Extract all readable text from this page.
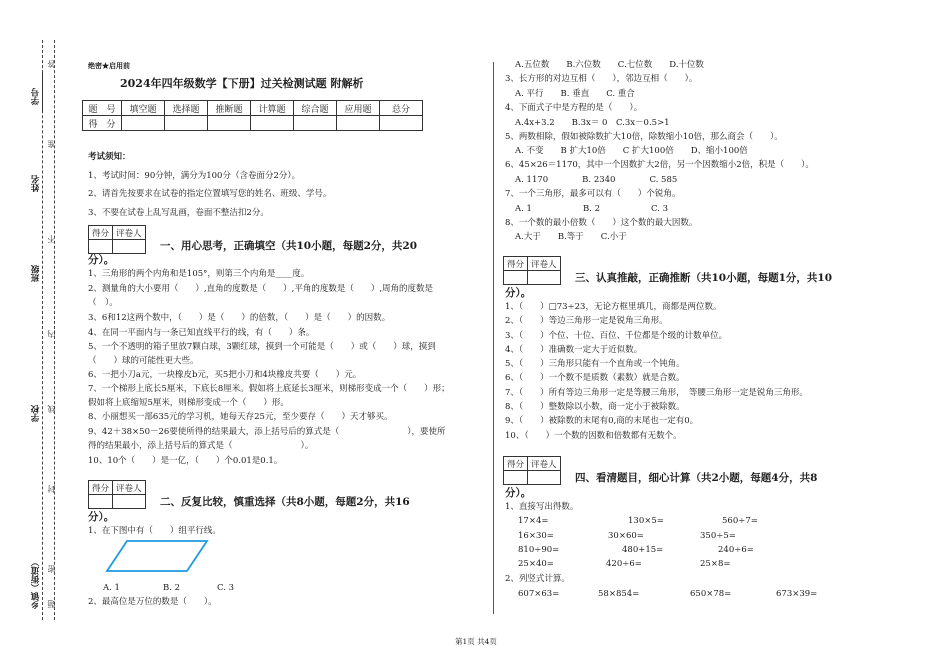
学号
姓名
班级
学校
乡镇（街道）
答
准
不
内
线
封
密
题
绝密★启用前
2024年四年级数学【下册】过关检测试题 附解析
题　号	填空题	选择题	推断题	计算题	综合题	应用题	总分
得　分							
考试须知：
1、考试时间：90分钟，满分为100分（含卷面分2分）。
2、请首先按要求在试卷的指定位置填写您的姓名、班级、学号。
3、不要在试卷上乱写乱画，卷面不整洁扣2分。
得分	评卷人

一、用心思考，正确填空（共10小题，每题2分，共20
分）。
1、三角形的两个内角和是105°，则第三个内角是____度。
2、测量角的大小要用（　　）,直角的度数是（　　）,平角的度数是（　　）,周角的度数是
（　）。
3、6和12这两个数中，（　　）是（　　）的倍数，（　　）是（　　）的因数。
4、在同一平面内与一条已知直线平行的线，有（　　）条。
5、一个不透明的箱子里放7颗白球，3颗红球，摸到一个可能是（　　）或（　　）球，摸到
（　　）球的可能性更大些。
6、一把小刀a元，一块橡皮b元，买5把小刀和4块橡皮共要（　　）元。
7、一个梯形上底长5厘米，下底长8厘米。假如将上底延长3厘米，则梯形变成一个（　　）形；
假如将上底缩短5厘米，则梯形变成一个（　　）形。
8、小丽想买一部635元的学习机，她每天存25元，至少要存（　　）天才够买。
9、42＋38×50－26要使所得的结果最大，添上括号后的算式是（　　　　　　　　），要使所
得的结果最小，添上括号后的算式是（　　　　　　　　）。
10、10个（　　）是一亿，（　　）个0.01是0.1。
得分	评卷人

二、反复比较，慎重选择（共8小题，每题2分，共16
分）。
1、在下图中有（　　）组平行线。
A. 1	B. 2	C. 3
2、最高位是万位的数是（　　）。
A.五位数　　B.六位数　　C.七位数　　D.十位数
3、长方形的对边互相（　　），邻边互相（　　）。
A. 平行　　B. 垂直　　C. 重合
4、下面式子中是方程的是（　　）。
A.4x+3.2　　B.3x＝ 0　C.3x－0.5>1
5、两数相除，假如被除数扩大10倍，除数缩小10倍，那么商会（　　）。
A. 不变　　B 扩大10倍　　C 扩大100倍　　D、缩小100倍
6、45×26＝1170，其中一个因数扩大2倍，另一个因数缩小2倍，积是（　　）。
A. 1170　　　　B. 2340　　　　C. 585
7、一个三角形，最多可以有（　　）个锐角。
A. 1　　　　　　B. 2　　　　　　C. 3
8、一个数的最小倍数（　　）这个数的最大因数。
A.大于　　B.等于　　C.小于
得分	评卷人

三、认真推敲，正确推断（共10小题，每题1分，共10
分）。
1、（　　）□73÷23，无论方框里填几，商都是两位数。
2、（　　）等边三角形一定是锐角三角形。
3、（　　）个位、十位、百位、千位都是个级的计数单位。
4、（　　）准确数一定大于近似数。
5、（　　）三角形只能有一个直角或一个钝角。
6、（　　）一个数不是质数（素数）就是合数。
7、（　　）所有等边三角形一定是等腰三角形，　等腰三角形一定是锐角三角形。
8、（　　）整数除以小数，商一定小于被除数。
9、（　　）被除数的末尾有0,商的末尾也一定有0。
10、（　　）一个数的因数和倍数都有无数个。
得分	评卷人

四、看清题目，细心计算（共2小题，每题4分，共8
分）。
1、直接写出得数。
17×4=	130×5=	560÷7=
16×30=	30×60=	350÷5=
810÷90=	480+15=	240÷6=
25×40=	420÷6=	25×8=
2、列竖式计算。
607×63=	58×854=	650×78=	673×39=
第1页 共4页
